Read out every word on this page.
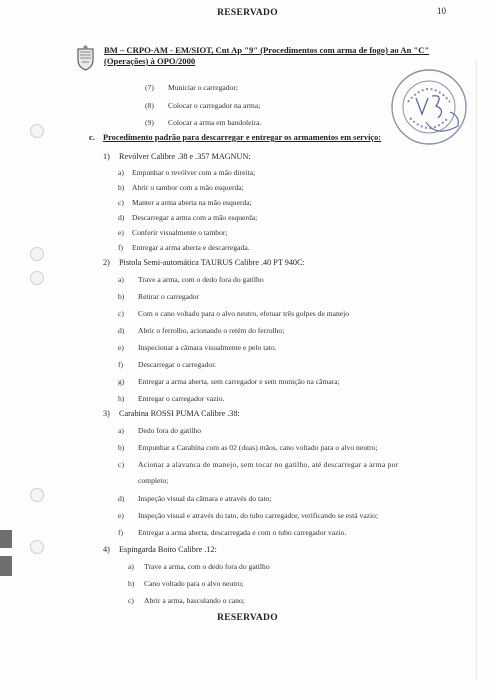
RESERVADO	10
BM – CRPO-AM - EM/SIOT, Cnt Ap "9" (Procedimentos com arma de fogo) ao An "C"
(Operações) à OPO/2000
(7) Municiar o carregador;
(8) Colocar o carregador na arma;
(9) Colocar a arma em bandoleira.
c. Procedimento padrão para descarregar e entregar os armamentos em serviço:
1) Revólver Calibre .38 e .357 MAGNUN:
a) Empunhar o revólver com a mão direita;
b) Abrir o tambor com a mão esquerda;
c) Manter a arma aberta na mão esquerda;
d) Descarregar a arma com a mão esquerda;
e) Conferir visualmente o tambor;
f) Entregar a arma aberta e descarregada.
2) Pistola Semi-automática TAURUS Calibre .40 PT 940C:
a) Trave a arma, com o dedo fora do gatilho
b) Retirar o carregador
c) Com o cano voltado para o alvo neutro, efetuar três golpes de manejo
d) Abrir o ferrolho, acionando o retém do ferrolho;
e) Inspecionar a câmara visualmente e pelo tato.
f) Descarregar o carregador.
g) Entregar a arma aberta, sem carregador e sem munição na câmara;
h) Entregar o carregador vazio.
3) Carabina ROSSI PUMA Calibre .38:
a) Dedo fora do gatilho
b) Empunhar a Carabina com as 02 (duas) mãos, cano voltado para o alvo neutro;
c) Acionar a alavanca de manejo, sem tocar no gatilho, até descarregar a arma por
completo;
d) Inspeção visual da câmara e através do tato;
e) Inspeção visual e através do tato, do tubo carregador, verificando se está vazio;
f) Entregar a arma aberta, descarregada e com o tubo carregador vazio.
4) Espingarda Boito Calibre .12:
a) Trave a arma, com o dedo fora do gatilho
b) Cano voltado para o alvo neutro;
c) Abrir a arma, basculando o cano;
RESERVADO
